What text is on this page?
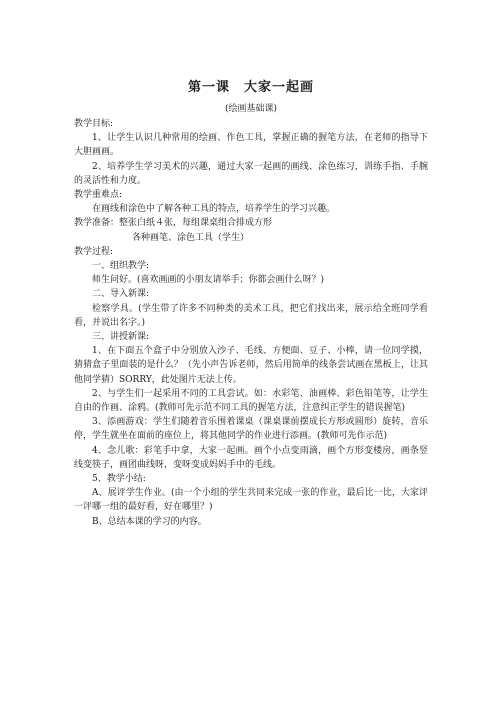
第一课　大家一起画
(绘画基础课)

教学目标:

1、让学生认识几种常用的绘画、作色工具，掌握正确的握笔方法，在老师的指导下大胆画画。

2、培养学生学习美术的兴趣，通过大家一起画的画线、涂色练习，训练手指、手腕的灵活性和力度。

教学重难点:

在画线和涂色中了解各种工具的特点，培养学生的学习兴趣。

教学准备：整张白纸４张，每组课桌组合排成方形

各种画笔、涂色工具（学生）

教学过程:

一、组织教学:

师生问好。(喜欢画画的小朋友请举手；你都会画什么呀？)

二、导入新课:

检察学具。(学生带了许多不同种类的美术工具，把它们找出来，展示给全班同学看看，并说出名字。)

三、讲授新课:

1、在下面五个盒子中分别放入沙子、毛线、方便面、豆子、小棒，请一位同学摸，猜猜盒子里面装的是什么？（先小声告诉老师，然后用简单的线条尝试画在黑板上，让其他同学猜）SORRY，此处图片无法上传。

2、与学生们一起采用不同的工具尝试。如：水彩笔、油画棒、彩色铅笔等，让学生自由的作画、涂鸦。(教师可先示范不同工具的握笔方法，注意纠正学生的错误握笔)

3、添画游戏：学生们随着音乐围着课桌（课桌课前摆成长方形或圆形）旋转，音乐停，学生就坐在面前的座位上，将其他同学的作业进行添画。(教师可先作示范)

4、念儿歌：彩笔手中拿，大家一起画。画个小点变雨滴，画个方形变楼房，画条竖线变筷子，画团曲线呀，变呀变成妈妈手中的毛线。

5、教学小结:

A、展评学生作业。(由一个小组的学生共同来完成一张的作业，最后比一比，大家评一评哪一组的最好看，好在哪里？)

B、总结本课的学习的内容。
